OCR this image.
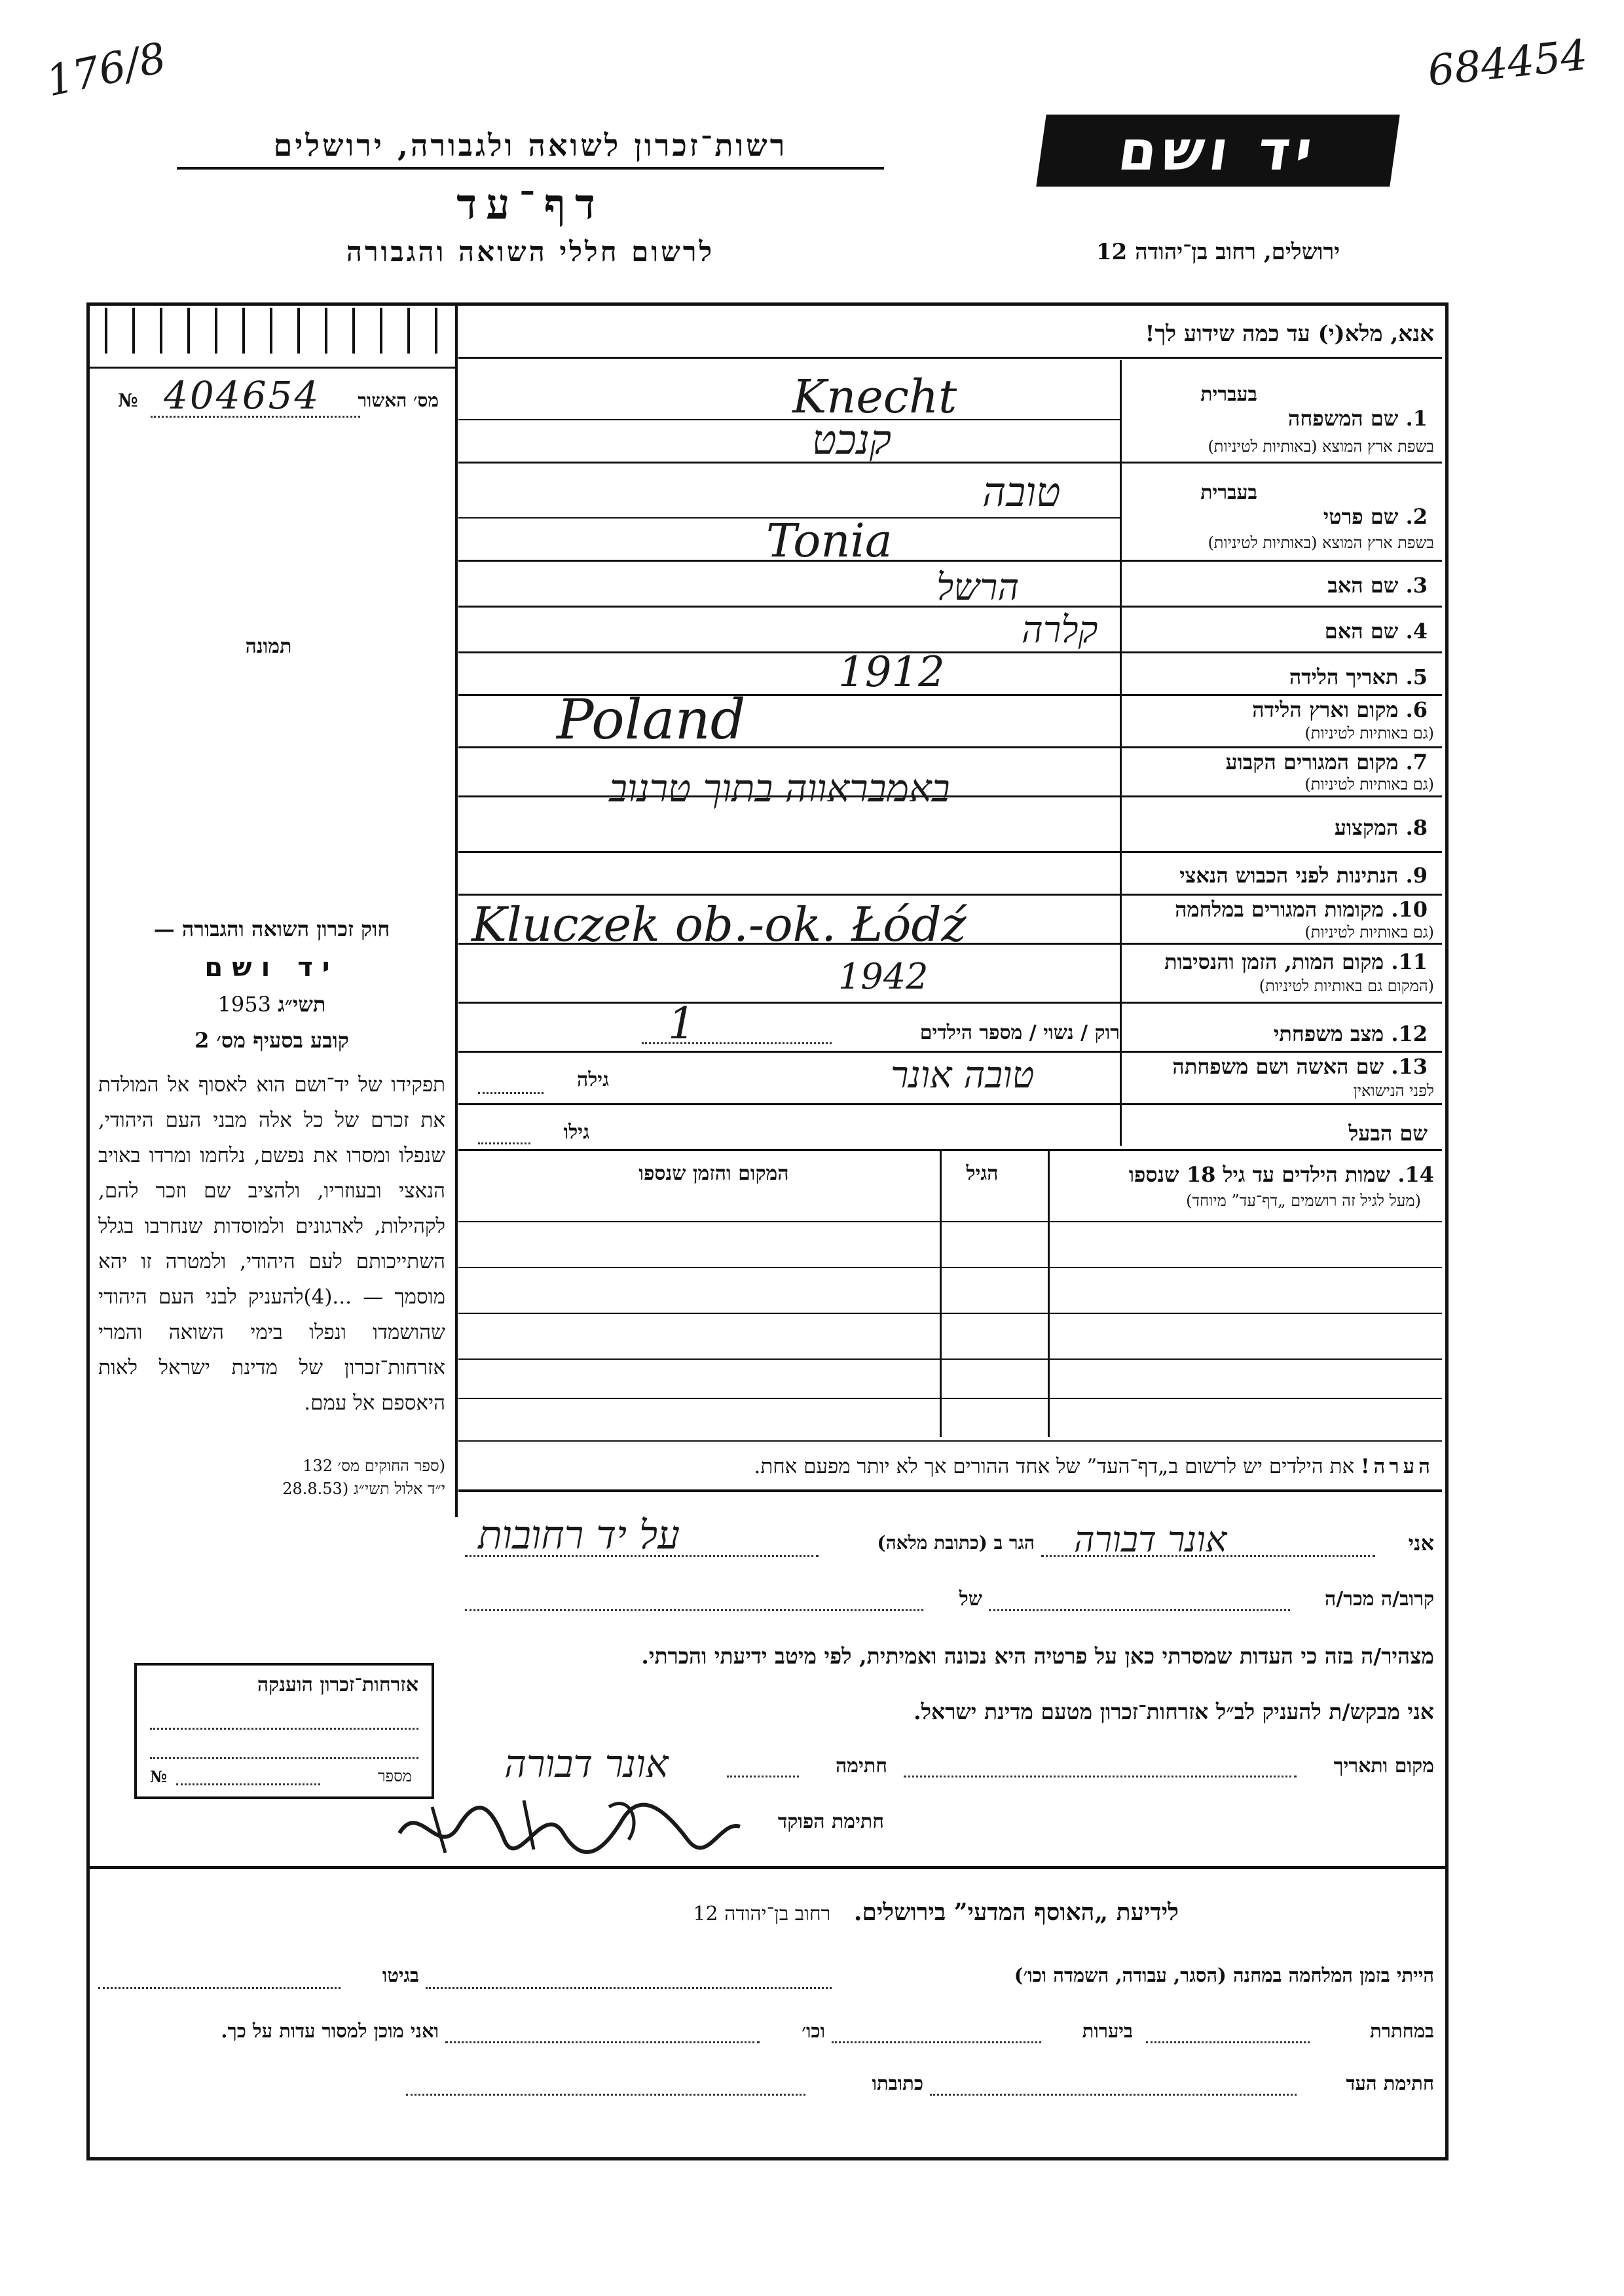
176/8	684454
רשות־זכרון לשואה ולגבורה, ירושלים
דף־עד
לרשום חללי השואה והגבורה
יד ושם
ירושלים, רחוב בן־יהודה 12
אנא, מלא(י) עד כמה שידוע לך!
מס׳ האשור
№ 404654
תמונה
בעברית
1. שם המשפחה
בשפת ארץ המוצא (באותיות לטיניות)
בעברית
2. שם פרטי
בשפת ארץ המוצא (באותיות לטיניות)
3. שם האב
4. שם האם
5. תאריך הלידה
6. מקום וארץ הלידה
(גם באותיות לטיניות)
7. מקום המגורים הקבוע
(גם באותיות לטיניות)
8. המקצוע
9. הנתינות לפני הכבוש הנאצי
10. מקומות המגורים במלחמה
(גם באותיות לטיניות)
11. מקום המות, הזמן והנסיבות
(המקום גם באותיות לטיניות)
12. מצב משפחתי
13. שם האשה ושם משפחתה
לפני הנישואין
שם הבעל
Knecht
קנכט
טובה
Tonia
הרשל
קלרה
1912
Poland
באמבראווה בתוך טרנוב
Kluczek ob.-ok. Łódź
1942
רוק / נשוי / מספר הילדים
1
טובה אונר
גילה
גילו
14. שמות הילדים עד גיל 18 שנספו
(מעל לגיל זה רושמים „דף־עד” מיוחד)
הגיל
המקום והזמן שנספו
הערה! את הילדים יש לרשום ב„דף־העד” של אחד ההורים אך לא יותר מפעם אחת.
חוק זכרון השואה והגבורה —
יד ושם
תשי״ג 1953
קובע בסעיף מס׳ 2
תפקידו של יד־ושם הוא לאסוף אל המולדת את זכרם של כל אלה מבני העם היהודי, שנפלו ומסרו את נפשם, נלחמו ומרדו באויב הנאצי ובעוזריו, ולהציב שם וזכר להם, לקהילות, לארגונים ולמוסדות שנחרבו בגלל השתייכותם לעם היהודי, ולמטרה זו יהא מוסמך — ...(4)להעניק לבני העם היהודי שהושמדו ונפלו בימי השואה והמרי אזרחות־זכרון של מדינת ישראל לאות היאספם אל עמם.
(ספר החוקים מס׳ 132
י״ד אלול תשי״ג (28.8.53
אני
אונר דבורה
הגר ב (כתובת מלאה)
על יד רחובות
קרוב/ה מכר/ה
של
מצהיר/ה בזה כי העדות שמסרתי כאן על פרטיה היא נכונה ואמיתית, לפי מיטב ידיעתי והכרתי.
אני מבקש/ת להעניק לב״ל אזרחות־זכרון מטעם מדינת ישראל.
מקום ותאריך
חתימה
אונר דבורה
חתימת הפוקד
אזרחות־זכרון הוענקה
№	מספר
לידיעת „האוסף המדעי” בירושלים. רחוב בן־יהודה 12
הייתי בזמן המלחמה במחנה (הסגר, עבודה, השמדה וכו׳)
בגיטו
במחתרת
ביערות
וכו׳
ואני מוכן למסור עדות על כך.
חתימת העד
כתובתו
